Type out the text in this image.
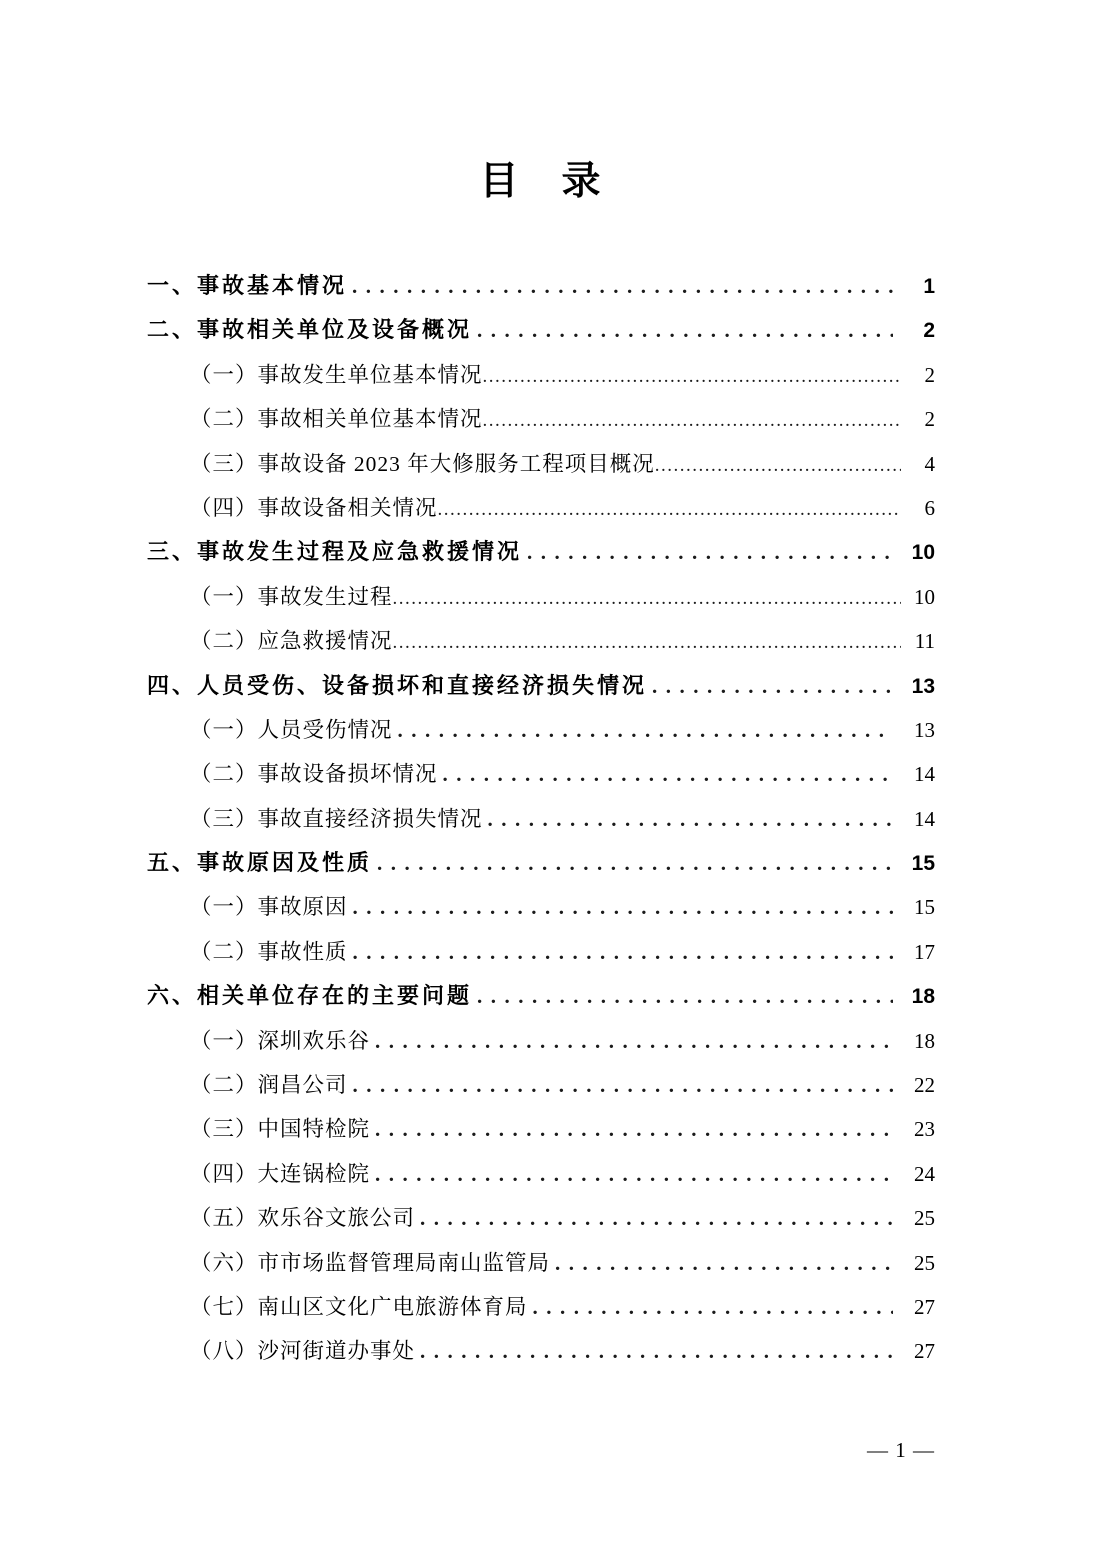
目　录
一、事故基本情况 .....	1
二、事故相关单位及设备概况 .....	2
（一）事故发生单位基本情况 .....	2
（二）事故相关单位基本情况 .....	2
（三）事故设备 2023 年大修服务工程项目概况 .....	4
（四）事故设备相关情况 .....	6
三、事故发生过程及应急救援情况 .....	10
（一）事故发生过程 .....	10
（二）应急救援情况 .....	11
四、人员受伤、设备损坏和直接经济损失情况 .....	13
（一）人员受伤情况 .....	13
（二）事故设备损坏情况 .....	14
（三）事故直接经济损失情况 .....	14
五、事故原因及性质 .....	15
（一）事故原因 .....	15
（二）事故性质 .....	17
六、相关单位存在的主要问题 .....	18
（一）深圳欢乐谷 .....	18
（二）润昌公司 .....	22
（三）中国特检院 .....	23
（四）大连锅检院 .....	24
（五）欢乐谷文旅公司 .....	25
（六）市市场监督管理局南山监管局 .....	25
（七）南山区文化广电旅游体育局 .....	27
（八）沙河街道办事处 .....	27
— 1 —
